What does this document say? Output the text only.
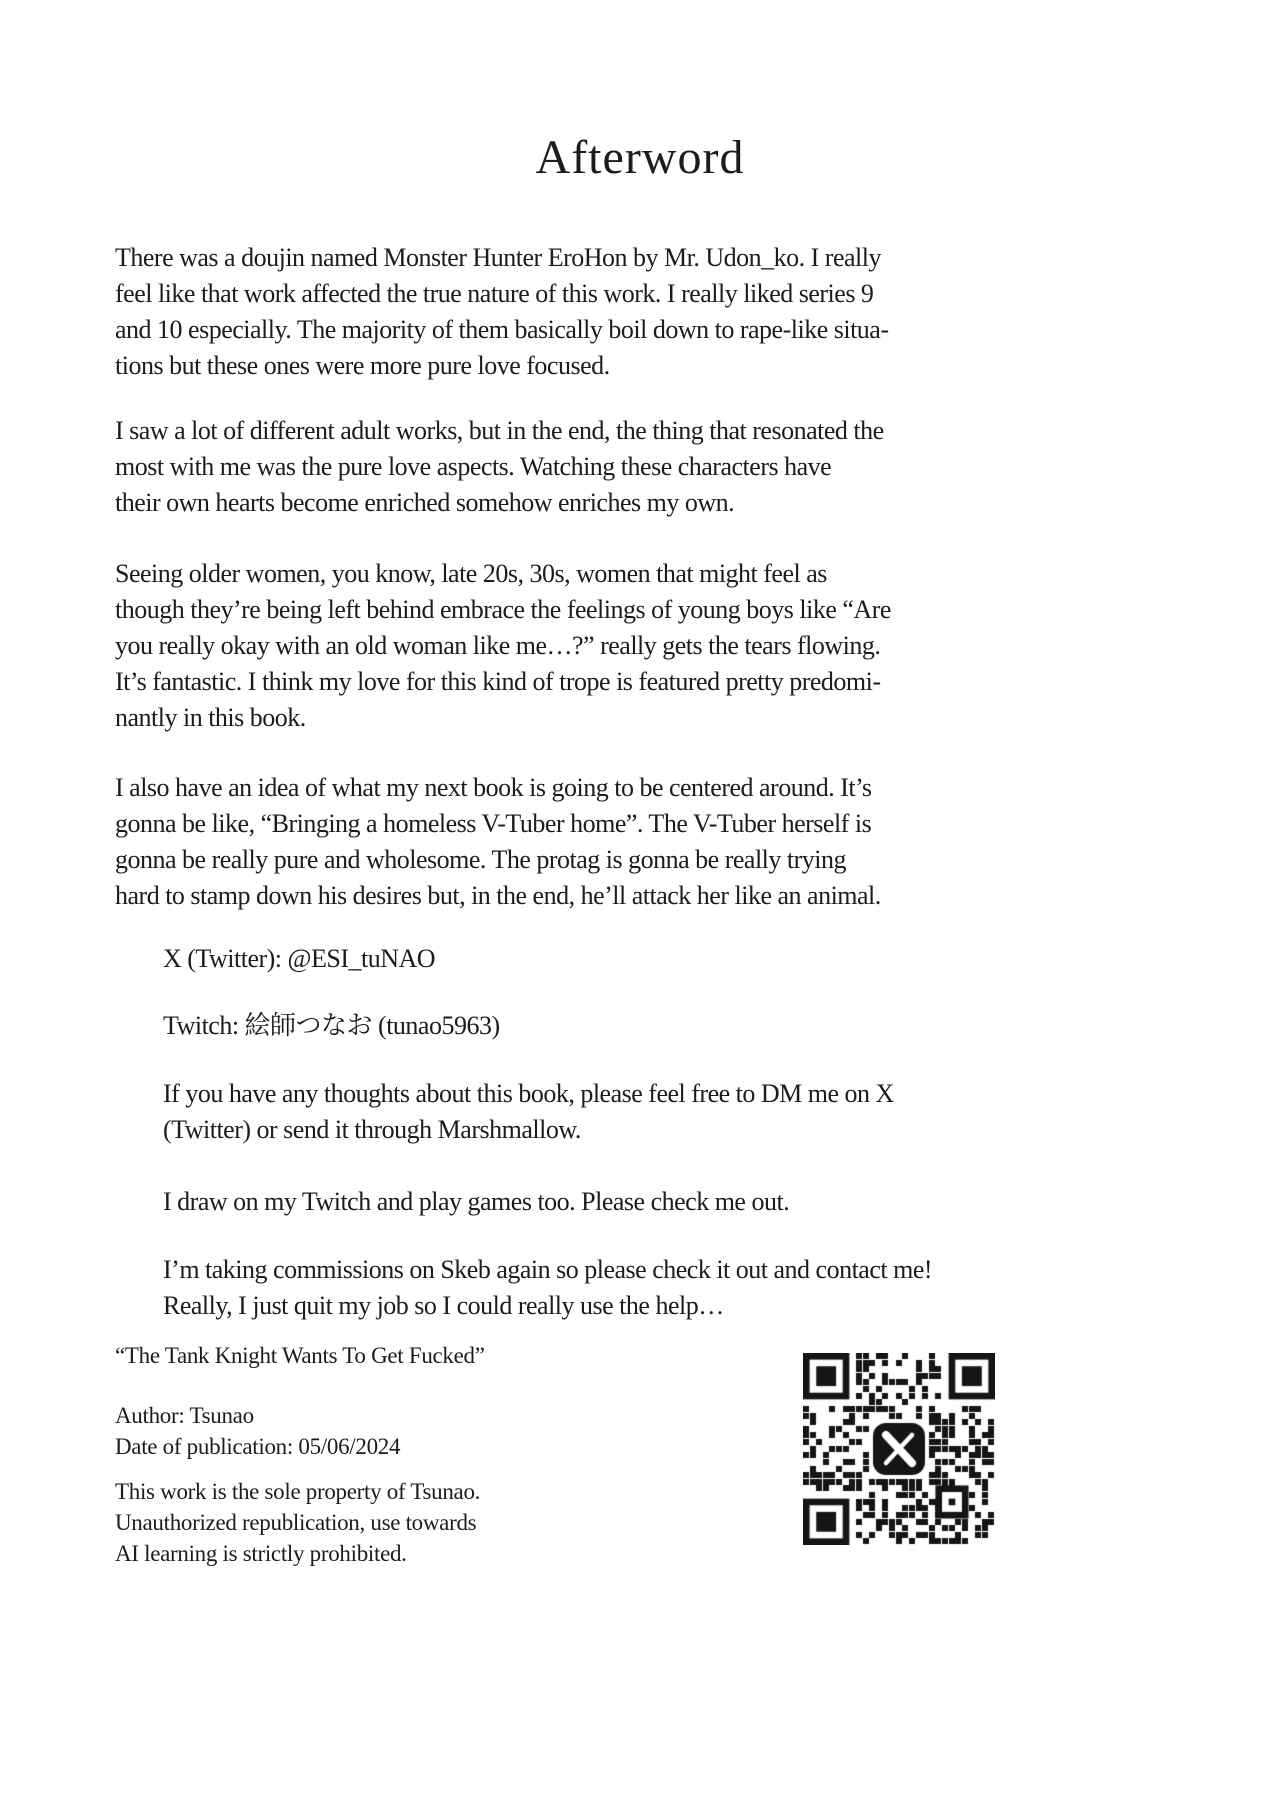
Afterword
There was a doujin named Monster Hunter EroHon by Mr. Udon_ko. I really
feel like that work affected the true nature of this work. I really liked series 9
and 10 especially. The majority of them basically boil down to rape-like situa-
tions but these ones were more pure love focused.
I saw a lot of different adult works, but in the end, the thing that resonated the
most with me was the pure love aspects. Watching these characters have
their own hearts become enriched somehow enriches my own.
Seeing older women, you know, late 20s, 30s, women that might feel as
though they’re being left behind embrace the feelings of young boys like “Are
you really okay with an old woman like me…?” really gets the tears flowing.
It’s fantastic. I think my love for this kind of trope is featured pretty predomi-
nantly in this book.
I also have an idea of what my next book is going to be centered around. It’s
gonna be like, “Bringing a homeless V-Tuber home”. The V-Tuber herself is
gonna be really pure and wholesome. The protag is gonna be really trying
hard to stamp down his desires but, in the end, he’ll attack her like an animal.
X (Twitter): @ESI_tuNAO
Twitch: 絵師つなお (tunao5963)
If you have any thoughts about this book, please feel free to DM me on X
(Twitter) or send it through Marshmallow.
I draw on my Twitch and play games too. Please check me out.
I’m taking commissions on Skeb again so please check it out and contact me!
Really, I just quit my job so I could really use the help…
“The Tank Knight Wants To Get Fucked”
Author: Tsunao
Date of publication: 05/06/2024
This work is the sole property of Tsunao.
Unauthorized republication, use towards
AI learning is strictly prohibited.
